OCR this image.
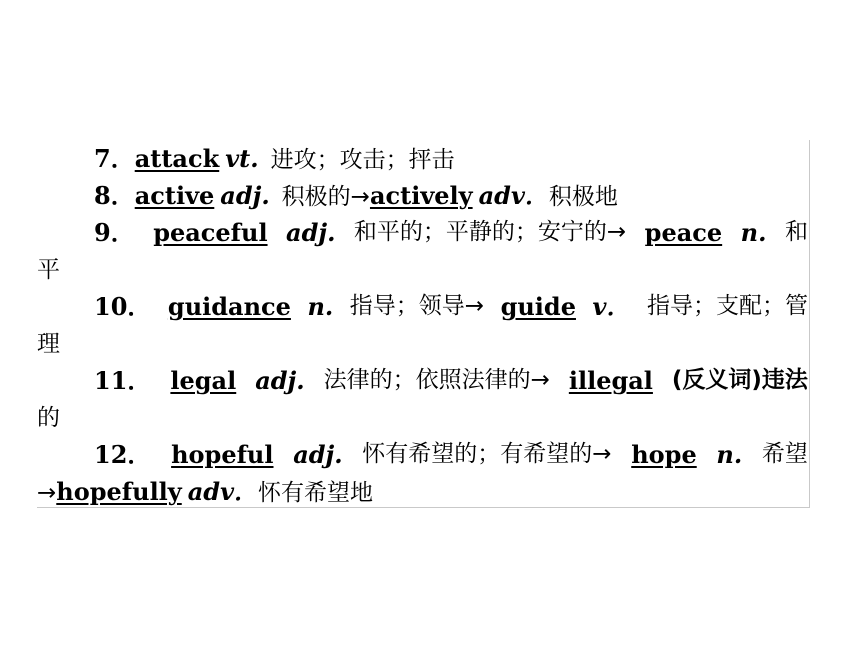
7．attack vt. 进攻；攻击；抨击
8．active adj. 积极的→actively adv．积极地
9． peaceful adj. 和平的；平静的；安宁的→ peace n. 和
平
10． guidance n. 指导；领导→ guide v． 指导；支配；管
理
11． legal adj. 法律的；依照法律的→ illegal (反义词)违法
的
12． hopeful adj. 怀有希望的；有希望的→ hope n. 希望
→hopefully adv．怀有希望地
